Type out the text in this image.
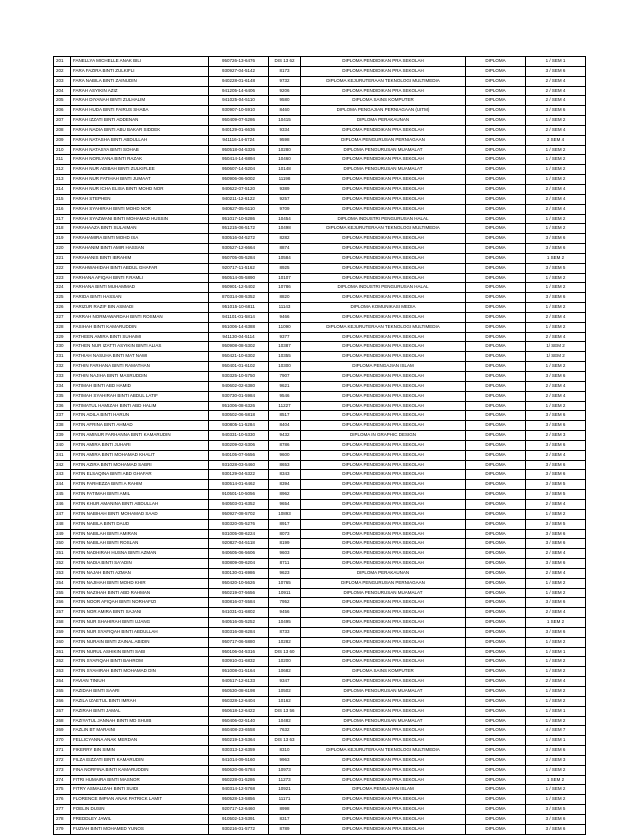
201	FANELLYA MICHELLE ANAK BILI	950726-13-6476	DIS 13 62	DIPLOMA PENDIDIKAN PRA SEKOLAH	DIPLOMA	1 / SEM 1
202	FARA FAZIRA BINTI ZULKIFLI	930927-04-5142	8173	DIPLOMA PENDIDIKAN PRA SEKOLAH	DIPLOMA	3 / SEM 6
203	FARA NABILA BINTI ZAINUDIN	940228-01-6148	9732	DIPLOMA KEJURUTERAAN TEKNOLOGI MULTIMEDIA	DIPLOMA	2 / SEM 4
204	FARAH ASYIKIN AZIZ	941205-14-6406	9206	DIPLOMA PENDIDIKAN PRA SEKOLAH	DIPLOMA	2 / SEM 4
205	FARAH DIYANAH BINTI ZULHALIM	941025-04-5110	9580	DIPLOMA SAINS KOMPUTER	DIPLOMA	2 / SEM 4
206	FARAH HUDA BINTI FAIRUS SHABA	930907-10-5910	8460	DIPLOMA PENGAJIAN PERNIAGAAN (UITM)	DIPLOMA	3 / SEM 6
207	FARAH IZZATI BINTI ADDENAN	950409-07-5286	10415	DIPLOMA PERAKAUNAN	DIPLOMA	1 / SEM 2
208	FARAH NADIA BINTI ABU BAKAR SIDDEK	940129-01-6636	9334	DIPLOMA PENDIDIKAN PRA SEKOLAH	DIPLOMA	2 / SEM 4
209	FARAH NATASHA BINTI ABDULLAH	941116-14-6724	9598	DIPLOMA PENGURUSAN PERNIAGAAN	DIPLOMA	2 SEM 4
210	FARAH NATASYA BINTI SOHAB	950518-04-5326	10280	DIPLOMA PENGURUSAN MUAMALAT	DIPLOMA	1 / SEM 2
211	FARAH NORLYANA BINTI RAZAK	950414-14-6894	10460	DIPLOMA PENDIDIKAN PRA SEKOLAH	DIPLOMA	1 / SEM 2
212	FARAH NUR ADIBAH BINTI ZULKIFLEE	950607-14-5204	10148	DIPLOMA PENGURUSAN MUAMALAT	DIPLOMA	1 / SEM 2
213	FARAH NUR FATIHAH BINTI JUMAAT	950906-06-5002	11198	DIPLOMA PENDIDIKAN PRA SEKOLAH	DIPLOMA	1 / SEM 2
214	FARAH NUR ICHA ELISA BINTI MOHD NOR	940622-07-5120	9389	DIPLOMA PENDIDIKAN PRA SEKOLAH	DIPLOMA	2 / SEM 4
215	FARAH STEPHEN	940211-12-6122	9257	DIPLOMA PENDIDIKAN PRA SEKOLAH	DIPLOMA	2 / SEM 4
216	FARAH SYAHIRAH BINTI MOHD NOR	940627-05-5110	9709	DIPLOMA PENDIDIKAN PRA SEKOLAH	DIPLOMA	2 / SEM 4
217	FARAH SYAZWANI BINTI MOHAMAD HUSSIN	951017-10-5286	10454	DIPLOMA INDUSTRI PENGURUSAN HALAL	DIPLOMA	1 / SEM 2
218	FARAHAAZA BINTI SULAIMAN	951215-06-5172	10498	DIPLOMA KEJURUTERAAN TEKNOLOGI MULTIMEDIA	DIPLOMA	1 / SEM 2
219	FARAHAMIRA BINTI MOHD ISA	930516-04-5272	8282	DIPLOMA PENDIDIKAN PRA SEKOLAH	DIPLOMA	3 / SEM 6
220	FARAHANIM BINTI AMIR HASSAN	930527-12-6664	8874	DIPLOMA PENDIDIKAN PRA SEKOLAH	DIPLOMA	3 / SEM 6
221	FARAHANIS BINTI IBRAHIM	950705-05-5284	10584	DIPLOMA PENDIDIKAN PRA SEKOLAH	DIPLOMA	1 SEM 2
222	FARAHWAHIDAH BINTI ABDUL GHAFAR	920717-11-5162	8925	DIPLOMA PENDIDIKAN PRA SEKOLAH	DIPLOMA	3 / SEM 5
223	FARHANA AFIQAH BINTI F.RAMLI	950514-05-5890	10107	DIPLOMA PENDIDIKAN PRA SEKOLAH	DIPLOMA	1 / SEM 2
224	FARHANA BINTI MUHAMMAD	950901-12-5402	10786	DIPLOMA INDUSTRI PENGURUSAN HALAL	DIPLOMA	1 / SEM 2
225	FARIDA BINTI HASSAN	870314-08-5352	8820	DIPLOMA PENDIDIKAN PRA SEKOLAH	DIPLOMA	3 / SEM 6
226	FARIZUR RAZIF BIN ASMADI	951015-10-6811	11143	DIPLOMA KOMUNIKASI MEDIA	DIPLOMA	1 / SEM 2
227	FARRAH NORMAWARDAH BINTI ROSMAN	941101-01-5814	9466	DIPLOMA PENDIDIKAN PRA SEKOLAH	DIPLOMA	2 / SEM 4
228	FASIHAH BINTI KAMARUDDIN	951006-14-6388	11090	DIPLOMA KEJURUTERAAN TEKNOLOGI MULTIMEDIA	DIPLOMA	1 / SEM 2
229	FATHEEN AMIRA BINTI SUHAIMI	941130-04-5114	9377	DIPLOMA PENDIDIKAN PRA SEKOLAH	DIPLOMA	2 / SEM 4
230	FATHEN NUR IZATTI ASYIKIN BINTI ALIAS	950908-08-5302	10387	DIPLOMA PENDIDIKAN PRA SEKOLAH	DIPLOMA	1/ SEM 2
231	FATHIAH NASUHA BINTI MAT NAWI	950421-10-6302	10355	DIPLOMA PENDIDIKAN PRA SEKOLAH	DIPLOMA	1/ SEM 2
232	FATHIN FARHANA BINTI RAMATHAN	950401-01-6102	10300	DIPLOMA PENGAJIAN ISLAM	DIPLOMA	1 / SEM 2
233	FATHIN NAJIHA BINTI MASRUDDIN	930325-10-5750	7907	DIPLOMA PENDIDIKAN PRA SEKOLAH	DIPLOMA	3 / SEM 6
234	FATIMAH BINTI ABD HAMID	940602-02-6380	9621	DIPLOMA PENDIDIKAN PRA SEKOLAH	DIPLOMA	2 / SEM 4
235	FATIMAH SYAHIRAH BINTI ABDUL LATIF	930730-01-5984	9546	DIPLOMA PENDIDIKAN PRA SEKOLAH	DIPLOMA	2 / SEM 4
236	FATIMATUL HAMIZAH BINTI ABD HALIM	951006-08-6326	11227	DIPLOMA PENDIDIKAN PRA SEKOLAH	DIPLOMA	1 / SEM 2
237	FATIN ADILA BINTI HARUN	930502-06-5818	8517	DIPLOMA PENDIDIKAN PRA SEKOLAH	DIPLOMA	3 / SEM 6
238	FATIN AFRINA BINTI AHMAD	930805-11-5284	8404	DIPLOMA PENDIDIKAN PRA SEKOLAH	DIPLOMA	3 / SEM 6
239	FATIN AMINUR FARHANNA BINTI KAMARUDIN	940331-10-5330	9432	DIPLOMA IN GRAPHIC DESIGN	DIPLOMA	2 / SEM 3
240	FATIN AMIRA BINTI JUHARI	930209-02-5306	8786	DIPLOMA PENDIDIKAN PRA SEKOLAH	DIPLOMA	3 / SEM 6
241	FATIN AMIRA BINTI MOHAMAD KHALIT	940105-07-5656	9600	DIPLOMA PENDIDIKAN PRA SEKOLAH	DIPLOMA	2 / SEM 4
242	FATIN AZIRA BINTI MOHAMAD SABRI	931028-03-5460	8653	DIPLOMA PENDIDIKAN PRA SEKOLAH	DIPLOMA	3 / SEM 6
243	FATIN ELSAQINA BINTI ABD GHAFAR	930129-04-5322	8343	DIPLOMA PENDIDIKAN PRA SEKOLAH	DIPLOMA	3 / SEM 6
244	FATIN FARHEZZA BINTI A RAHIM	930514-01-6462	8394	DIPLOMA PENDIDIKAN PRA SEKOLAH	DIPLOMA	3 / SEM 5
245	FATIN FATIMAH BINTI AMIL	910501-10-5056	8962	DIPLOMA PENDIDIKAN PRA SEKOLAH	DIPLOMA	3 / SEM 5
246	FATIN KHUR AMANINA BINTI ABDULLAH	940503-01-6352	9654	DIPLOMA PENDIDIKAN PRA SEKOLAH	DIPLOMA	2 / SEM 4
247	FATIN NABIHAH BINTI MOHAMAD SAAD	950927-08-5702	10893	DIPLOMA PENDIDIKAN PRA SEKOLAH	DIPLOMA	1 / SEM 2
248	FATIN NABILA BINTI DAUD	930320-05-5276	8917	DIPLOMA PENDIDIKAN PRA SEKOLAH	DIPLOMA	3 / SEM 5
249	FATIN NABILAH BINTI AMIRAN	931005-08-6224	8073	DIPLOMA PENDIDIKAN PRA SEKOLAH	DIPLOMA	3 / SEM 6
250	FATIN NABILAH BINTI ROSLAN	920827-04-5118	8199	DIPLOMA PENDIDIKAN PRA SEKOLAH	DIPLOMA	3 / SEM 6
251	FATIN NADHIRAH HUSNA BINTI AZMAN	940605-06-5606	9603	DIPLOMA PENDIDIKAN PRA SEKOLAH	DIPLOMA	2 / SEM 4
252	FATIN NADIA BINTI SA'ADIN	930809-09-6204	8711	DIPLOMA PENDIDIKAN PRA SEKOLAH	DIPLOMA	3 / SEM 6
253	FATIN NAJAH BINTI AZMAN	930130-01-6986	9623	DIPLOMA PERAKAUNAN	DIPLOMA	2 / SEM 4
254	FATIN NAJIHAH BINTI MOHD KHIR	950420-10-5626	10765	DIPLOMA PENGURUSAN PERNIAGAAN	DIPLOMA	1 / SEM 2
255	FATIN NAZIHAH BINTI ABD RAHMAN	950219-07-5656	10911	DIPLOMA PENGURUSAN MUAMALAT	DIPLOMA	1 / SEM 2
256	FATIN NOOR AFIQAH BINTI NORHAFIZI	930816-07-5584	7952	DIPLOMA PENDIDIKAN PRA SEKOLAH	DIPLOMA	3 / SEM 6
257	FATIN NOR AMIRA BINTI SAJANI	941031-01-6802	9456	DIPLOMA PENDIDIKAN PRA SEKOLAH	DIPLOMA	2 / SEM 4
258	FATIN NUR SHAHIRAH BINTI UJANG	940516-05-5252	10495	DIPLOMA PENDIDIKAN PRA SEKOLAH	DIPLOMA	1 SEM 2
259	FATIN NUR SYAFIQAH BINTI ABDULLAH	930316-08-6284	8733	DIPLOMA PENDIDIKAN PRA SEKOLAH	DIPLOMA	3 / SEM 6
260	FATIN NURAIN BINTI ZAINAL ABIDIN	950717-06-5880	10282	DIPLOMA PENDIDIKAN PRA SEKOLAH	DIPLOMA	1 / SEM 2
261	FATIN NURUL ASHIKIN BINTI SABI	950106-04-5316	DIS 13 60	DIPLOMA PENDIDIKAN PRA SEKOLAH	DIPLOMA	1 / SEM 1
262	FATIN SYAFIQAH BINTI BAHROM	930910-01-6832	10200	DIPLOMA PENDIDIKAN PRA SEKOLAH	DIPLOMA	1 / SEM 2
263	FATIN SYAHIRAH BINTI MOHAMAD DIN	951008-01-5164	10682	DIPLOMA SAINS KOMPUTER	DIPLOMA	1 / SEM 2
264	FAVIAN TINIUH	940517-12-6133	9347	DIPLOMA PENDIDIKAN PRA SEKOLAH	DIPLOMA	2 / SEM 4
265	FAZIDAH BINTI SAARI	950530-08-6198	10502	DIPLOMA PENGURUSAN MUAMALAT	DIPLOMA	1 / SEM 2
266	FAZILA IZAETUL BINTI IMRAH	950328-12-6404	10162	DIPLOMA PENDIDIKAN PRA SEKOLAH	DIPLOMA	1 / SEM 2
267	FAZIRAH BINTI JAMAL	950618-12-6422	DIS 13 56	DIPLOMA PENDIDIKAN PRA SEKOLAH	DIPLOMA	1 / SEM 1
268	FAZIYATUL JANNAH BINTI MD SHUIB	950406-02-5140	10482	DIPLOMA PENGURUSAN MUAMALAT	DIPLOMA	1 / SEM 2
269	FAZLIN BT MARAINI	860408-23-6558	7632	DIPLOMA PENDIDIKAN PRA SEKOLAH	DIPLOMA	4 / SEM 7
270	FELLICYANNA ANAK MERDAN	950219-13-5364	DIS 13 63	DIPLOMA PENDIDIKAN PRA SEKOLAH	DIPLOMA	1 / SEM 1
271	FIKERRY BIN SIMIN	930313-12-6359	8310	DIPLOMA KEJURUTERAAN TEKNOLOGI MULTIMEDIA	DIPLOMA	3 / SEM 6
272	FILZA EIZZATI BINTI KAMARUDIN	941014-09-5160	9963	DIPLOMA PENDIDIKAN PRA SEKOLAH	DIPLOMA	2 / SEM 3
273	FINA NORFINA BINTI KAMARUDDIN	950620-06-5784	10973	DIPLOMA PENDIDIKAN PRA SEKOLAH	DIPLOMA	1 / SEM 2
274	FITRI HUMAIRA BINTI MASNOR	950228-01-5286	11273	DIPLOMA PENDIDIKAN PRA SEKOLAH	DIPLOMA	1 SEM 2
275	FITRY ASMALIZAH BINTI SUIDI	940314-12-5768	10921	DIPLOMA PENGAJIAN ISLAM	DIPLOMA	1 / SEM 2
276	FLORENCE IMPIAN ANAK PATRICK LAMIT	950528-13-5856	11171	DIPLOMA PENDIDIKAN PRA SEKOLAH	DIPLOMA	1 / SEM 2
277	FOELIN DUSIN	920717-12-6460	8998	DIPLOMA PENDIDIKAN PRA SEKOLAH	DIPLOMA	3 / SEM 5
278	FREDDLEY JAWIL	910502-13-5391	8317	DIPLOMA PENDIDIKAN PRA SEKOLAH	DIPLOMA	3 / SEM 6
279	FUZIAH BINTI MOHAMED YUNOS	930216-01-5772	8789	DIPLOMA PENDIDIKAN PRA SEKOLAH	DIPLOMA	3 / SEM 6
